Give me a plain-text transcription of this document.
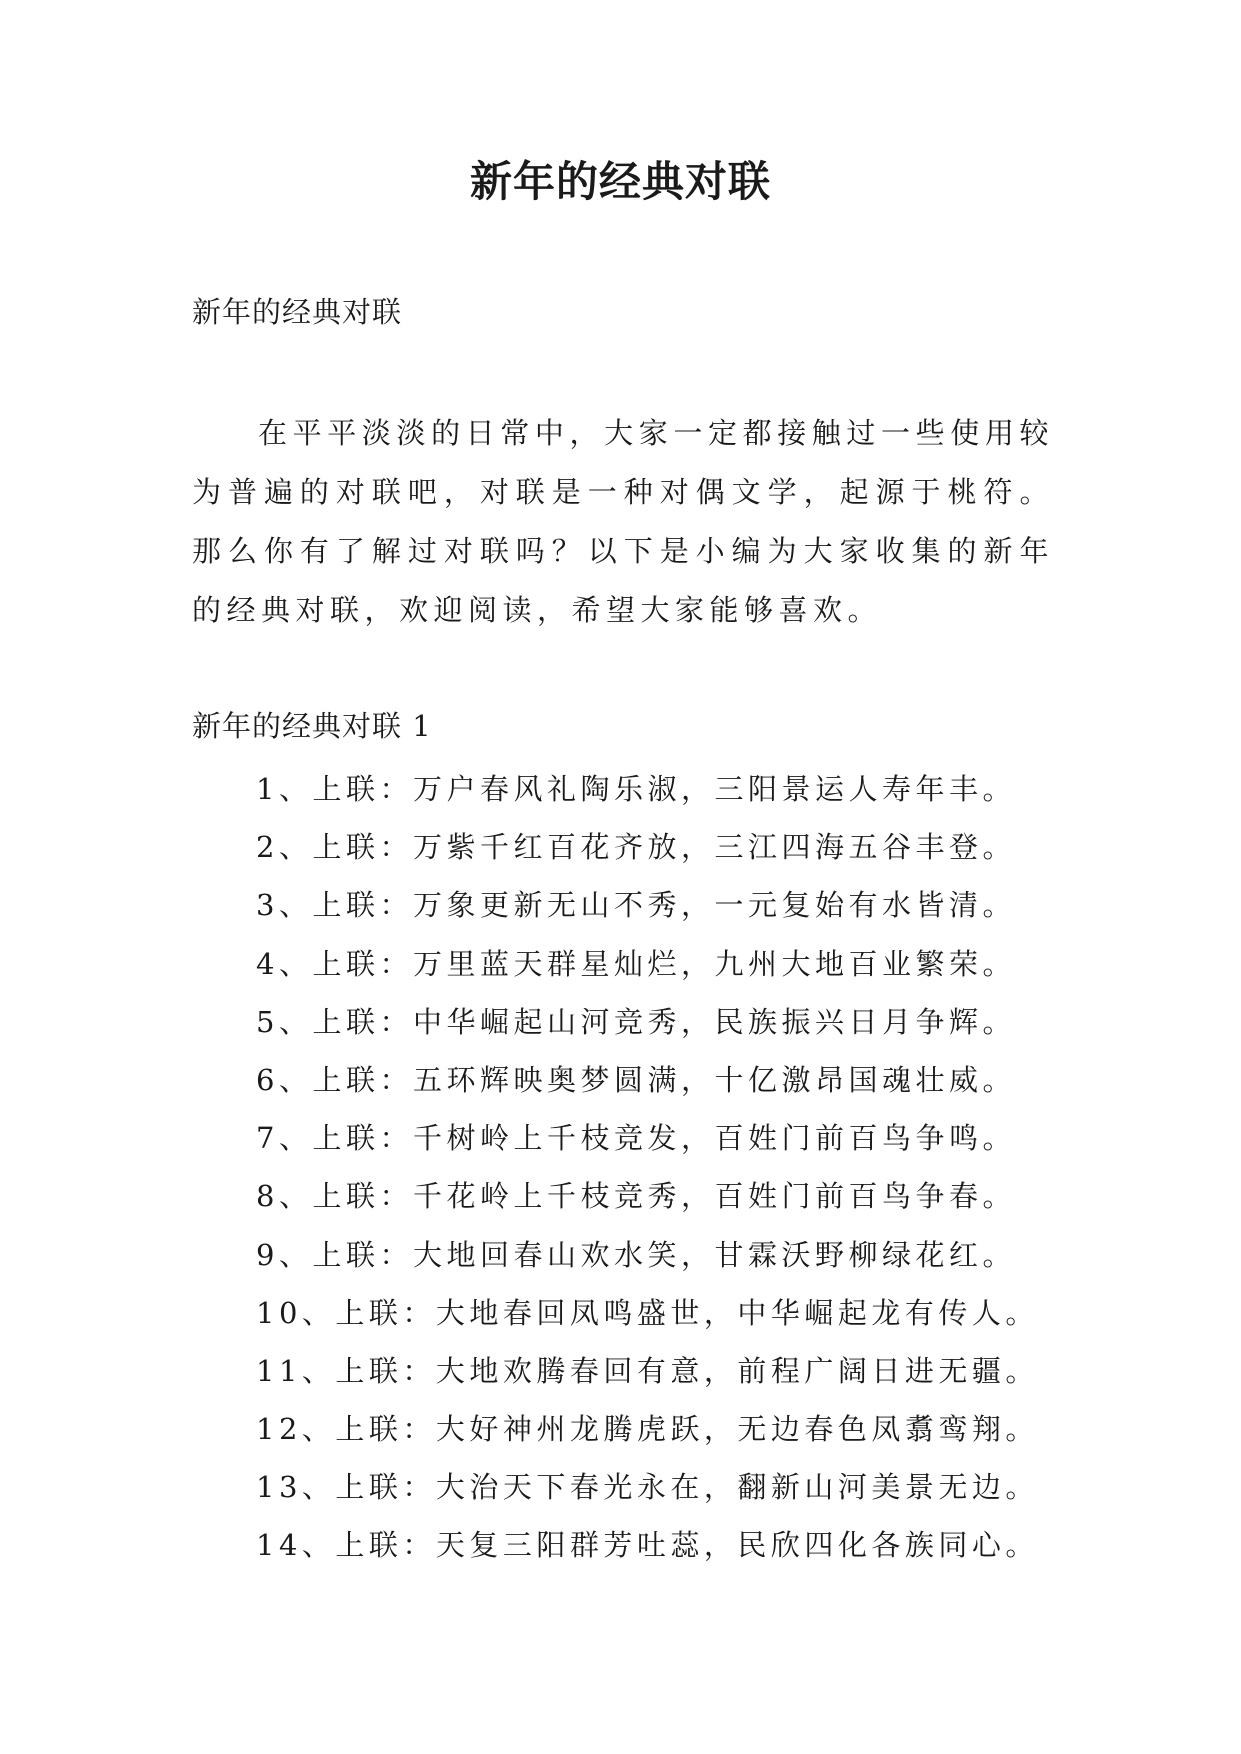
新年的经典对联
新年的经典对联

在平平淡淡的日常中，大家一定都接触过一些使用较为普遍的对联吧，对联是一种对偶文学，起源于桃符。那么你有了解过对联吗？以下是小编为大家收集的新年的经典对联，欢迎阅读，希望大家能够喜欢。

新年的经典对联 1
1、上联：万户春风礼陶乐淑，三阳景运人寿年丰。
2、上联：万紫千红百花齐放，三江四海五谷丰登。
3、上联：万象更新无山不秀，一元复始有水皆清。
4、上联：万里蓝天群星灿烂，九州大地百业繁荣。
5、上联：中华崛起山河竞秀，民族振兴日月争辉。
6、上联：五环辉映奥梦圆满，十亿激昂国魂壮威。
7、上联：千树岭上千枝竞发，百姓门前百鸟争鸣。
8、上联：千花岭上千枝竞秀，百姓门前百鸟争春。
9、上联：大地回春山欢水笑，甘霖沃野柳绿花红。
10、上联：大地春回凤鸣盛世，中华崛起龙有传人。
11、上联：大地欢腾春回有意，前程广阔日进无疆。
12、上联：大好神州龙腾虎跃，无边春色凤翥鸾翔。
13、上联：大治天下春光永在，翻新山河美景无边。
14、上联：天复三阳群芳吐蕊，民欣四化各族同心。
